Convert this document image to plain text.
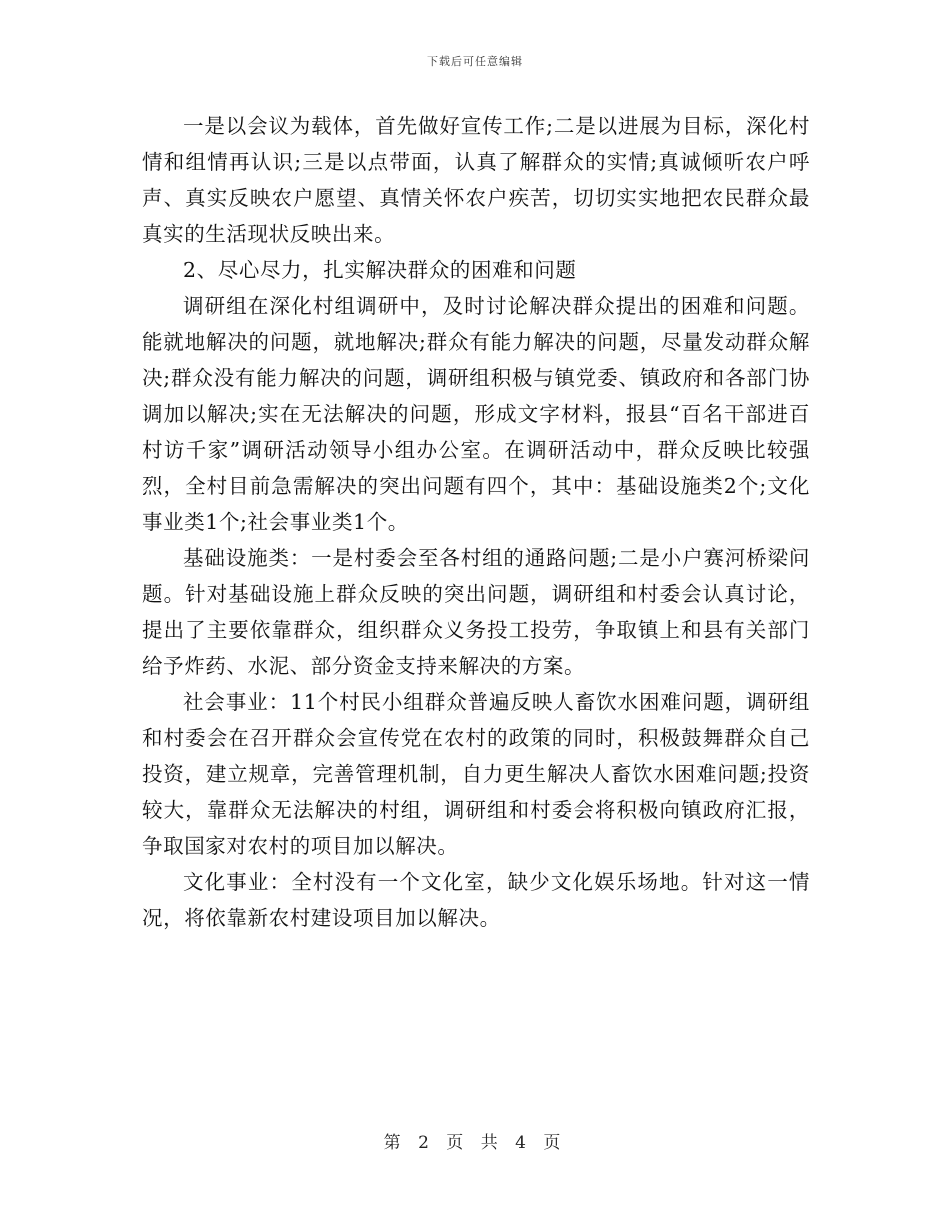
下载后可任意编辑

一是以会议为载体，首先做好宣传工作;二是以进展为目标，深化村情和组情再认识;三是以点带面，认真了解群众的实情;真诚倾听农户呼声、真实反映农户愿望、真情关怀农户疾苦，切切实实地把农民群众最真实的生活现状反映出来。

2、尽心尽力，扎实解决群众的困难和问题

调研组在深化村组调研中，及时讨论解决群众提出的困难和问题。能就地解决的问题，就地解决;群众有能力解决的问题，尽量发动群众解决;群众没有能力解决的问题，调研组积极与镇党委、镇政府和各部门协调加以解决;实在无法解决的问题，形成文字材料，报县“百名干部进百村访千家”调研活动领导小组办公室。在调研活动中，群众反映比较强烈，全村目前急需解决的突出问题有四个，其中：基础设施类2个;文化事业类1个;社会事业类1个。

基础设施类：一是村委会至各村组的通路问题;二是小户赛河桥梁问题。针对基础设施上群众反映的突出问题，调研组和村委会认真讨论，提出了主要依靠群众，组织群众义务投工投劳，争取镇上和县有关部门给予炸药、水泥、部分资金支持来解决的方案。

社会事业：11个村民小组群众普遍反映人畜饮水困难问题，调研组和村委会在召开群众会宣传党在农村的政策的同时，积极鼓舞群众自己投资，建立规章，完善管理机制，自力更生解决人畜饮水困难问题;投资较大，靠群众无法解决的村组，调研组和村委会将积极向镇政府汇报，争取国家对农村的项目加以解决。

文化事业：全村没有一个文化室，缺少文化娱乐场地。针对这一情况，将依靠新农村建设项目加以解决。

第 2 页 共 4 页
